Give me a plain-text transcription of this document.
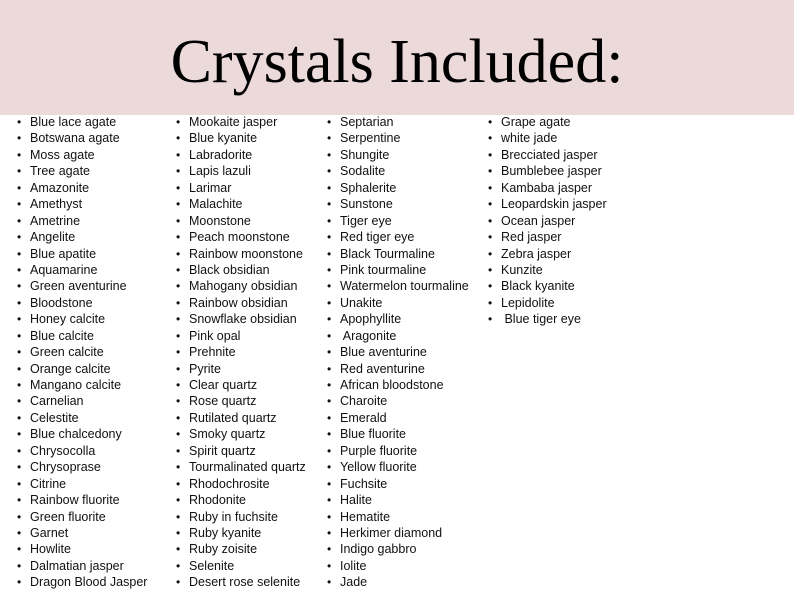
Crystals Included:
• Blue lace agate
• Botswana agate
• Moss agate
• Tree agate
• Amazonite
• Amethyst
• Ametrine
• Angelite
• Blue apatite
• Aquamarine
• Green aventurine
• Bloodstone
• Honey calcite
• Blue calcite
• Green calcite
• Orange calcite
• Mangano calcite
• Carnelian
• Celestite
• Blue chalcedony
• Chrysocolla
• Chrysoprase
• Citrine
• Rainbow fluorite
• Green fluorite
• Garnet
• Howlite
• Dalmatian jasper
• Dragon Blood Jasper
• Mookaite jasper
• Blue kyanite
• Labradorite
• Lapis lazuli
• Larimar
• Malachite
• Moonstone
• Peach moonstone
• Rainbow moonstone
• Black obsidian
• Mahogany obsidian
• Rainbow obsidian
• Snowflake obsidian
• Pink opal
• Prehnite
• Pyrite
• Clear quartz
• Rose quartz
• Rutilated quartz
• Smoky quartz
• Spirit quartz
• Tourmalinated quartz
• Rhodochrosite
• Rhodonite
• Ruby in fuchsite
• Ruby kyanite
• Ruby zoisite
• Selenite
• Desert rose selenite
• Septarian
• Serpentine
• Shungite
• Sodalite
• Sphalerite
• Sunstone
• Tiger eye
• Red tiger eye
• Black Tourmaline
• Pink tourmaline
• Watermelon tourmaline
• Unakite
• Apophyllite
•  Aragonite
• Blue aventurine
• Red aventurine
• African bloodstone
• Charoite
• Emerald
• Blue fluorite
• Purple fluorite
• Yellow fluorite
• Fuchsite
• Halite
• Hematite
• Herkimer diamond
• Indigo gabbro
• Iolite
• Jade
• Grape agate
• white jade
• Brecciated jasper
• Bumblebee jasper
• Kambaba jasper
• Leopardskin jasper
• Ocean jasper
• Red jasper
• Zebra jasper
• Kunzite
• Black kyanite
• Lepidolite
•  Blue tiger eye
